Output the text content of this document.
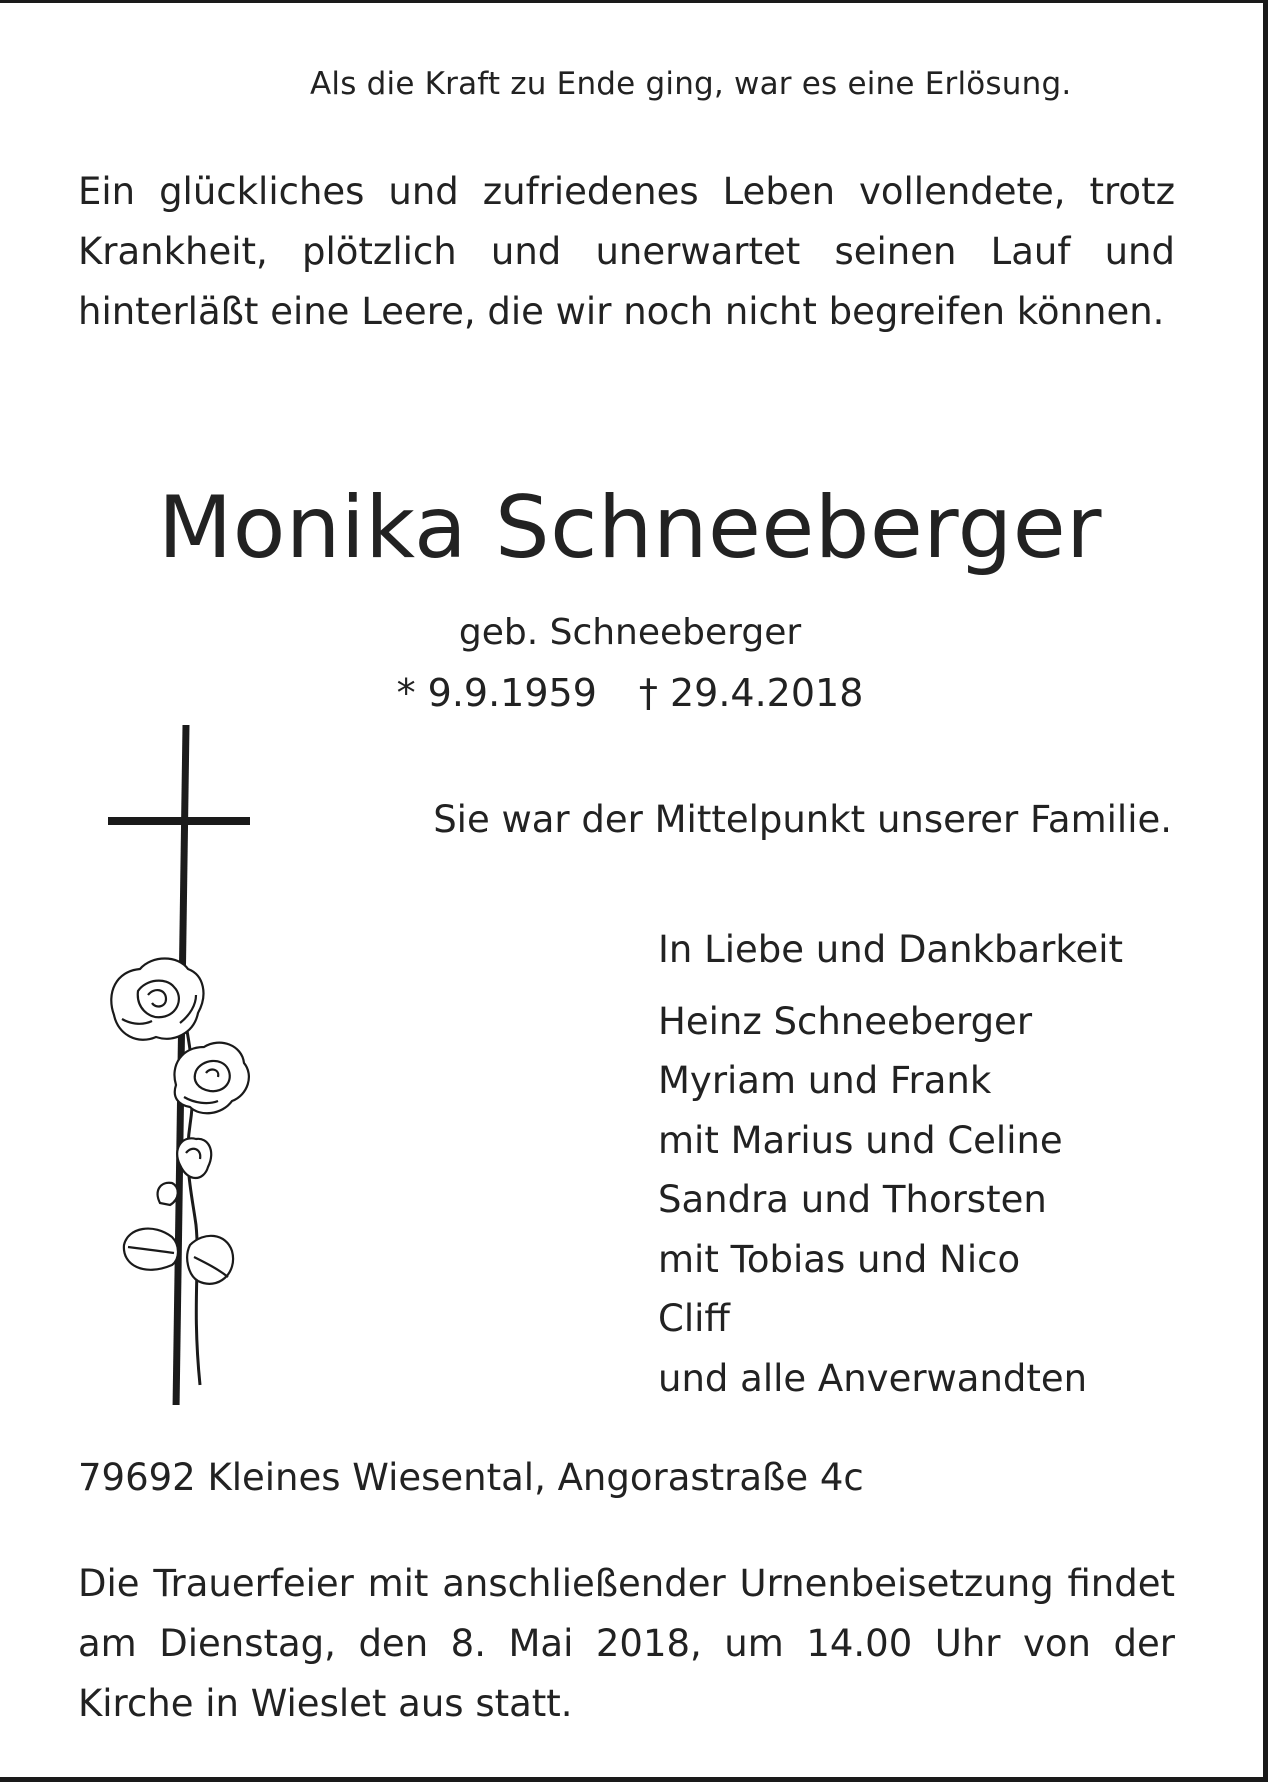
Als die Kraft zu Ende ging, war es eine Erlösung.
Ein glückliches und zufriedenes Leben vollendete, trotz Krankheit, plötzlich und unerwartet seinen Lauf und hinterläßt eine Leere, die wir noch nicht begreifen können.
Monika Schneeberger
geb. Schneeberger
* 9.9.1959 † 29.4.2018
Sie war der Mittelpunkt unserer Familie.
In Liebe und Dankbarkeit
Heinz Schneeberger
Myriam und Frank
mit Marius und Celine
Sandra und Thorsten
mit Tobias und Nico
Cliff
und alle Anverwandten
79692 Kleines Wiesental, Angorastraße 4c
Die Trauerfeier mit anschließender Urnenbeisetzung findet am Dienstag, den 8. Mai 2018, um 14.00 Uhr von der Kirche in Wieslet aus statt.
